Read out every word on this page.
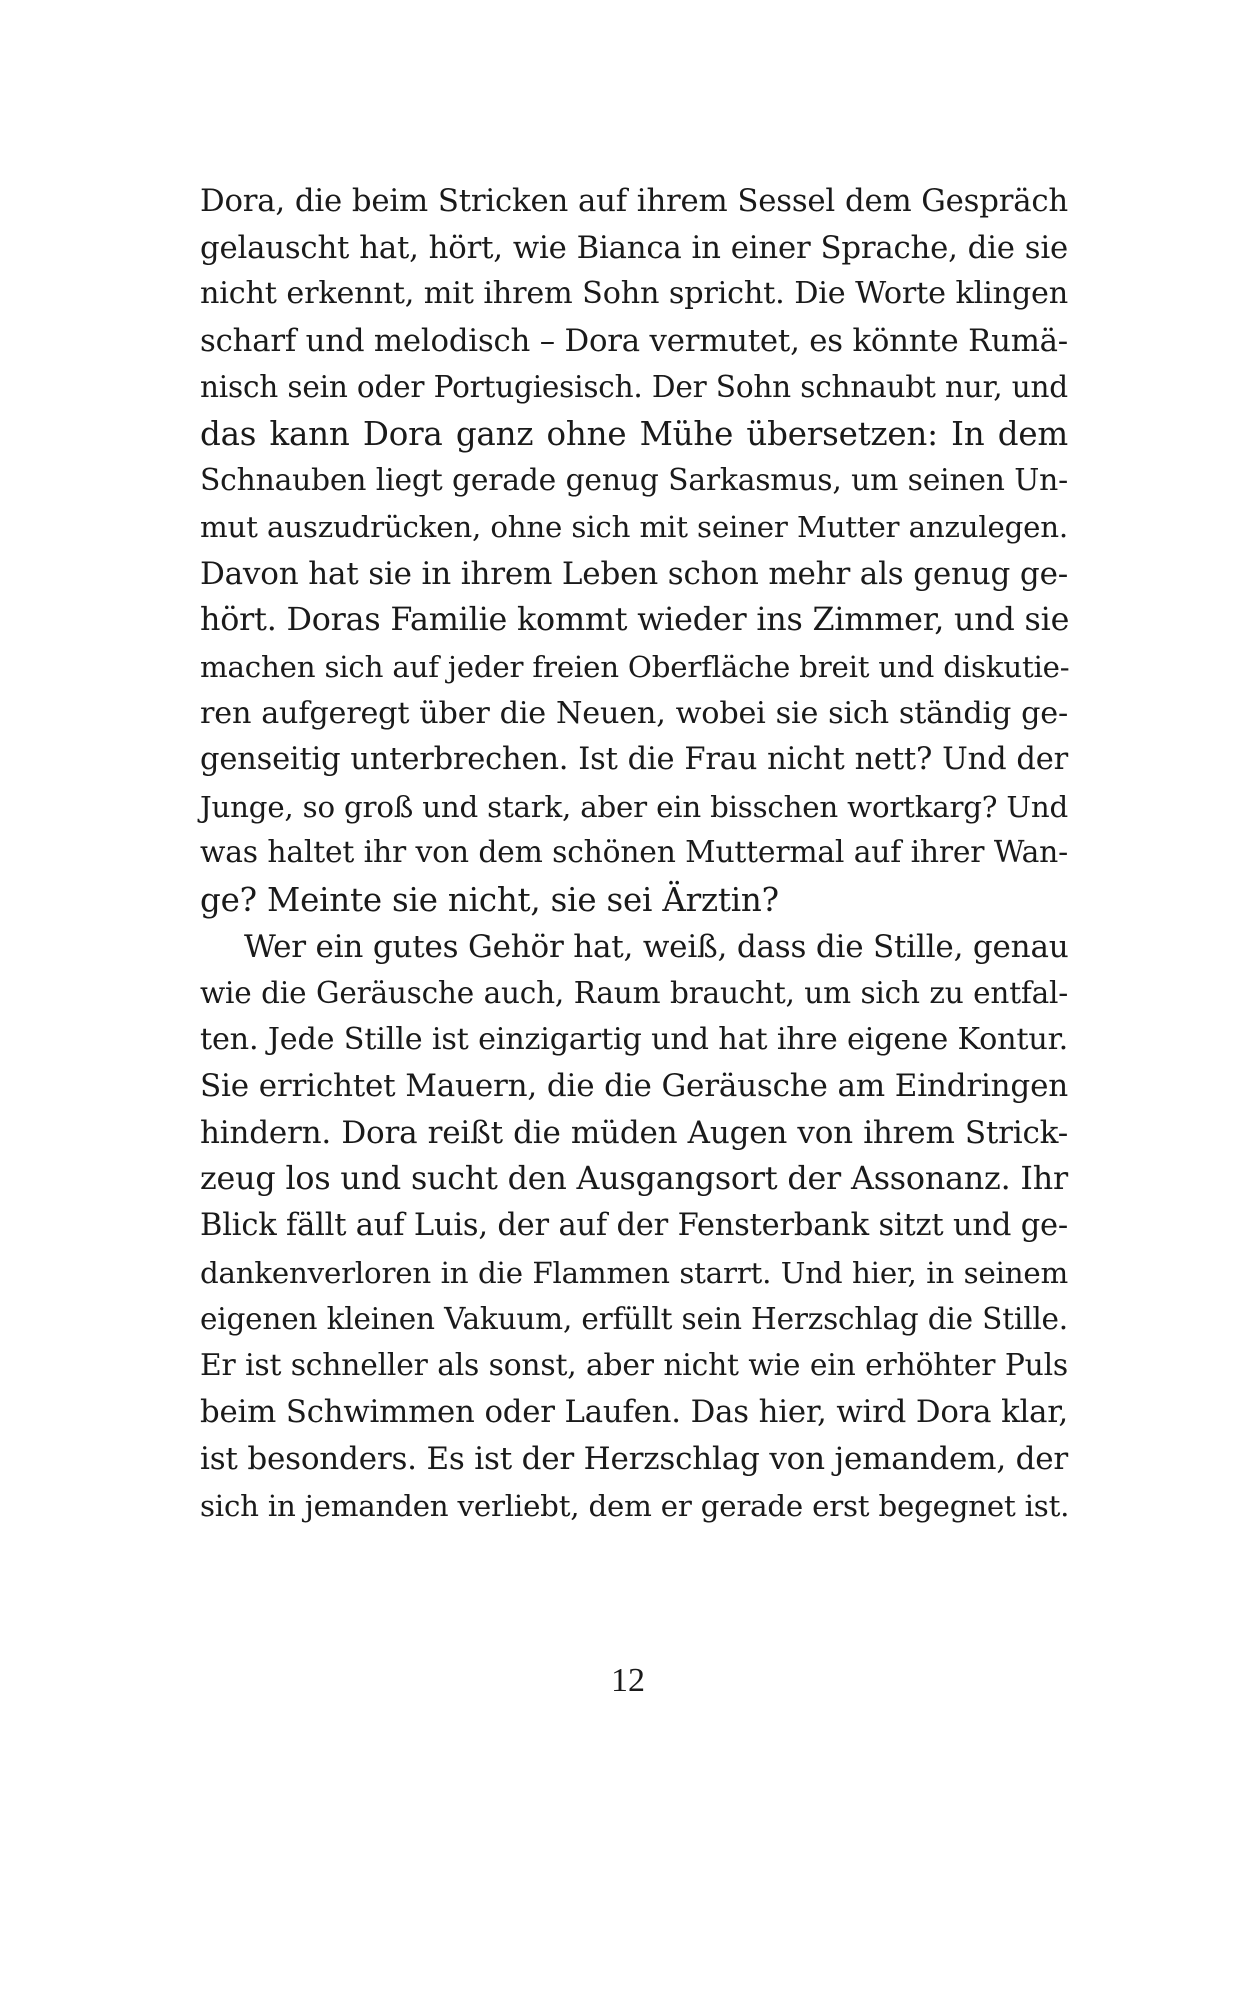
Dora, die beim Stricken auf ihrem Sessel dem Gespräch
gelauscht hat, hört, wie Bianca in einer Sprache, die sie
nicht erkennt, mit ihrem Sohn spricht. Die Worte klingen
scharf und melodisch – Dora vermutet, es könnte Rumä-
nisch sein oder Portugiesisch. Der Sohn schnaubt nur, und
das kann Dora ganz ohne Mühe übersetzen: In dem
Schnauben liegt gerade genug Sarkasmus, um seinen Un-
mut auszudrücken, ohne sich mit seiner Mutter anzulegen.
Davon hat sie in ihrem Leben schon mehr als genug ge-
hört. Doras Familie kommt wieder ins Zimmer, und sie
machen sich auf jeder freien Oberfläche breit und diskutie-
ren aufgeregt über die Neuen, wobei sie sich ständig ge-
genseitig unterbrechen. Ist die Frau nicht nett? Und der
Junge, so groß und stark, aber ein bisschen wortkarg? Und
was haltet ihr von dem schönen Muttermal auf ihrer Wan-
ge? Meinte sie nicht, sie sei Ärztin?
Wer ein gutes Gehör hat, weiß, dass die Stille, genau
wie die Geräusche auch, Raum braucht, um sich zu entfal-
ten. Jede Stille ist einzigartig und hat ihre eigene Kontur.
Sie errichtet Mauern, die die Geräusche am Eindringen
hindern. Dora reißt die müden Augen von ihrem Strick-
zeug los und sucht den Ausgangsort der Assonanz. Ihr
Blick fällt auf Luis, der auf der Fensterbank sitzt und ge-
dankenverloren in die Flammen starrt. Und hier, in seinem
eigenen kleinen Vakuum, erfüllt sein Herzschlag die Stille.
Er ist schneller als sonst, aber nicht wie ein erhöhter Puls
beim Schwimmen oder Laufen. Das hier, wird Dora klar,
ist besonders. Es ist der Herzschlag von jemandem, der
sich in jemanden verliebt, dem er gerade erst begegnet ist.
12
